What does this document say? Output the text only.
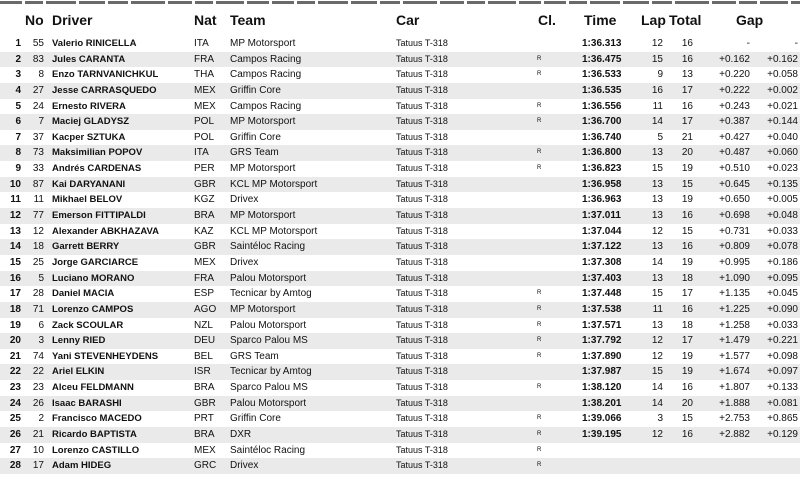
No Driver	Nat Team	Car	Cl. Time Lap Total Gap
1	55 Valerio RINICELLA	ITA MP Motorsport	Tatuus T-318	1:36.313	12	16	-	-
2	83 Jules CARANTA	FRA Campos Racing	Tatuus T-318	R	1:36.475	15	16	+0.162	+0.162
3	8 Enzo TARNVANICHKUL	THA Campos Racing	Tatuus T-318	R	1:36.533	9	13	+0.220	+0.058
4	27 Jesse CARRASQUEDO	MEX Griffin Core	Tatuus T-318	1:36.535	16	17	+0.222	+0.002
5	24 Ernesto RIVERA	MEX Campos Racing	Tatuus T-318	R	1:36.556	11	16	+0.243	+0.021
6	7 Maciej GLADYSZ	POL MP Motorsport	Tatuus T-318	R	1:36.700	14	17	+0.387	+0.144
7	37 Kacper SZTUKA	POL Griffin Core	Tatuus T-318	1:36.740	5	21	+0.427	+0.040
8	73 Maksimilian POPOV	ITA GRS Team	Tatuus T-318	R	1:36.800	13	20	+0.487	+0.060
9	33 Andrés CARDENAS	PER MP Motorsport	Tatuus T-318	R	1:36.823	15	19	+0.510	+0.023
10	87 Kai DARYANANI	GBR KCL MP Motorsport	Tatuus T-318	1:36.958	13	15	+0.645	+0.135
11	11 Mikhael BELOV	KGZ Drivex	Tatuus T-318	1:36.963	13	19	+0.650	+0.005
12	77 Emerson FITTIPALDI	BRA MP Motorsport	Tatuus T-318	1:37.011	13	16	+0.698	+0.048
13	12 Alexander ABKHAZAVA	KAZ KCL MP Motorsport	Tatuus T-318	1:37.044	12	15	+0.731	+0.033
14	18 Garrett BERRY	GBR Saintéloc Racing	Tatuus T-318	1:37.122	13	16	+0.809	+0.078
15	25 Jorge GARCIARCE	MEX Drivex	Tatuus T-318	1:37.308	14	19	+0.995	+0.186
16	5 Luciano MORANO	FRA Palou Motorsport	Tatuus T-318	1:37.403	13	18	+1.090	+0.095
17	28 Daniel MACIA	ESP Tecnicar by Amtog	Tatuus T-318	R	1:37.448	15	17	+1.135	+0.045
18	71 Lorenzo CAMPOS	AGO MP Motorsport	Tatuus T-318	R	1:37.538	11	16	+1.225	+0.090
19	6 Zack SCOULAR	NZL Palou Motorsport	Tatuus T-318	R	1:37.571	13	18	+1.258	+0.033
20	3 Lenny RIED	DEU Sparco Palou MS	Tatuus T-318	R	1:37.792	12	17	+1.479	+0.221
21	74 Yani STEVENHEYDENS	BEL GRS Team	Tatuus T-318	R	1:37.890	12	19	+1.577	+0.098
22	22 Ariel ELKIN	ISR Tecnicar by Amtog	Tatuus T-318	1:37.987	15	19	+1.674	+0.097
23	23 Alceu FELDMANN	BRA Sparco Palou MS	Tatuus T-318	R	1:38.120	14	16	+1.807	+0.133
24	26 Isaac BARASHI	GBR Palou Motorsport	Tatuus T-318	1:38.201	14	20	+1.888	+0.081
25	2 Francisco MACEDO	PRT Griffin Core	Tatuus T-318	R	1:39.066	3	15	+2.753	+0.865
26	21 Ricardo BAPTISTA	BRA DXR	Tatuus T-318	R	1:39.195	12	16	+2.882	+0.129
27	10 Lorenzo CASTILLO	MEX Saintéloc Racing	Tatuus T-318	R
28	17 Adam HIDEG	GRC Drivex	Tatuus T-318	R
